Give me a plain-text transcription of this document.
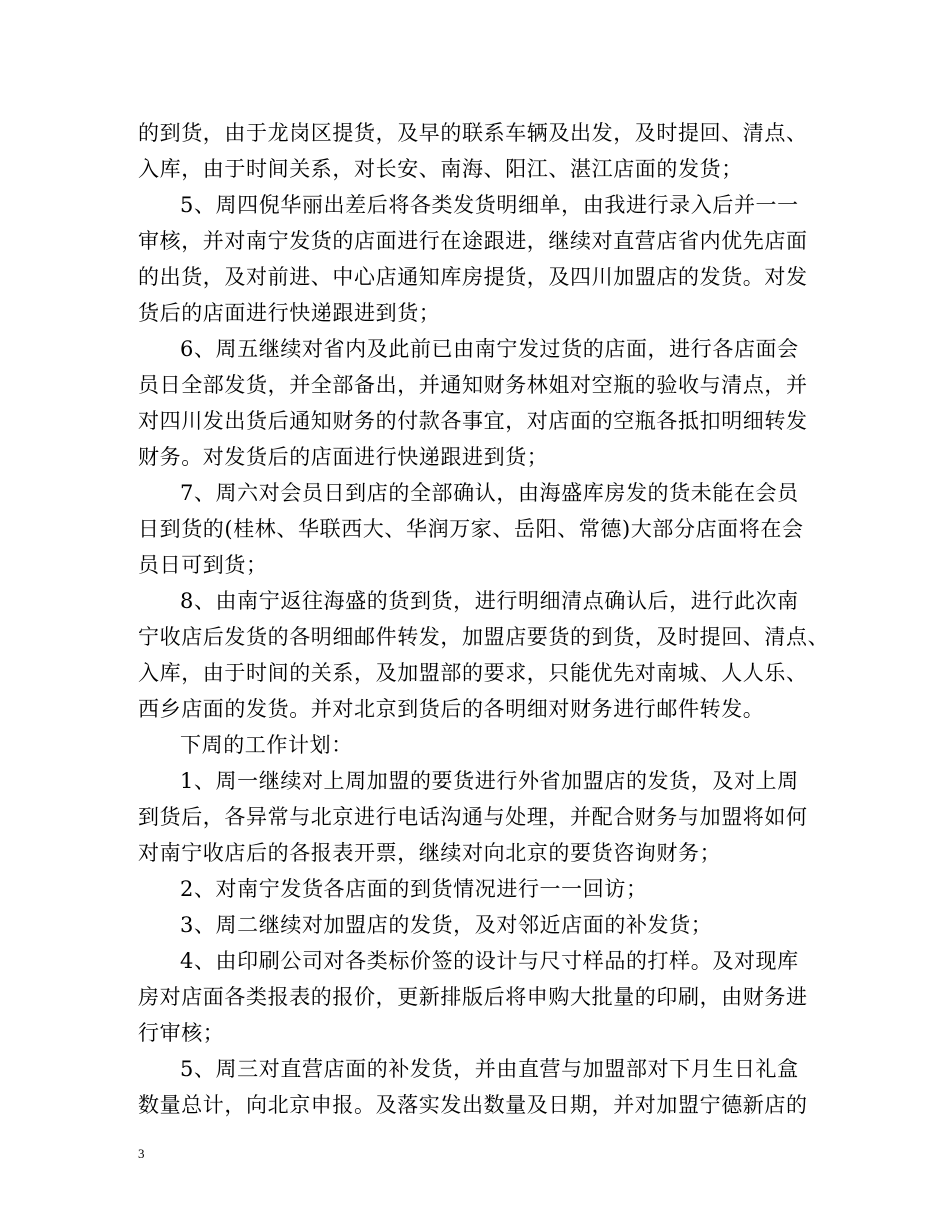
的到货，由于龙岗区提货，及早的联系车辆及出发，及时提回、清点、
入库，由于时间关系，对长安、南海、阳江、湛江店面的发货；
5、周四倪华丽出差后将各类发货明细单，由我进行录入后并一一
审核，并对南宁发货的店面进行在途跟进，继续对直营店省内优先店面
的出货，及对前进、中心店通知库房提货，及四川加盟店的发货。对发
货后的店面进行快递跟进到货；
6、周五继续对省内及此前已由南宁发过货的店面，进行各店面会
员日全部发货，并全部备出，并通知财务林姐对空瓶的验收与清点，并
对四川发出货后通知财务的付款各事宜，对店面的空瓶各抵扣明细转发
财务。对发货后的店面进行快递跟进到货；
7、周六对会员日到店的全部确认，由海盛库房发的货未能在会员
日到货的(桂林、华联西大、华润万家、岳阳、常德)大部分店面将在会
员日可到货；
8、由南宁返往海盛的货到货，进行明细清点确认后，进行此次南
宁收店后发货的各明细邮件转发，加盟店要货的到货，及时提回、清点、
入库，由于时间的关系，及加盟部的要求，只能优先对南城、人人乐、
西乡店面的发货。并对北京到货后的各明细对财务进行邮件转发。
下周的工作计划：
1、周一继续对上周加盟的要货进行外省加盟店的发货，及对上周
到货后，各异常与北京进行电话沟通与处理，并配合财务与加盟将如何
对南宁收店后的各报表开票，继续对向北京的要货咨询财务；
2、对南宁发货各店面的到货情况进行一一回访；
3、周二继续对加盟店的发货，及对邻近店面的补发货；
4、由印刷公司对各类标价签的设计与尺寸样品的打样。及对现库
房对店面各类报表的报价，更新排版后将申购大批量的印刷，由财务进
行审核；
5、周三对直营店面的补发货，并由直营与加盟部对下月生日礼盒
数量总计，向北京申报。及落实发出数量及日期，并对加盟宁德新店的
3
